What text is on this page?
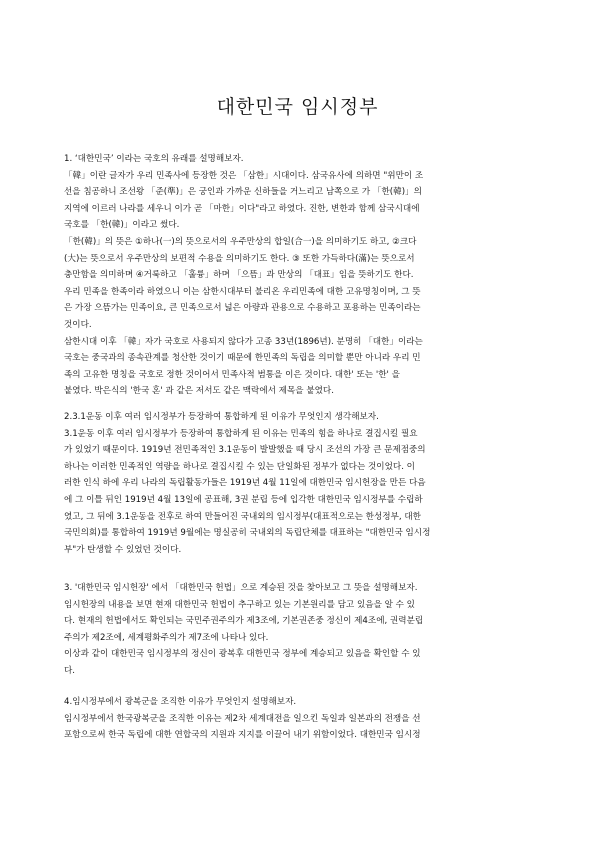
대한민국 임시정부
1. ‘대한민국’ 이라는 국호의 유래를 설명해보자.
「韓」이란 글자가 우리 민족사에 등장한 것은 「삼한」시대이다. 삼국유사에 의하면 "위만이 조
선을 침공하니 조선왕 「준(準)」은 궁인과 가까운 신하들을 거느리고 남쪽으로 가 「한(韓)」의
지역에 이르러 나라를 세우니 이가 곧 「마한」이다"라고 하였다. 진한, 변한과 함께 삼국시대에
국호를 「한(韓)」이라고 썼다.
「한(韓)」의 뜻은 ①하나(一)의 뜻으로서의 우주만상의 합일(合一)을 의미하기도 하고, ②크다
(大)는 뜻으로서 우주만상의 보편적 수용을 의미하기도 한다. ③ 또한 가득하다(滿)는 뜻으로서
충만함을 의미하며 ④거룩하고 「훌륭」하며 「으뜸」과 만상의 「대표」임을 뜻하기도 한다.
우리 민족을 한족이라 하였으니 이는 삼한시대부터 불리온 우리민족에 대한 고유명칭이며, 그 뜻
은 가장 으뜸가는 민족이요, 큰 민족으로서 넓은 아량과 관용으로 수용하고 포용하는 민족이라는
것이다.
삼한시대 이후 「韓」자가 국호로 사용되지 않다가 고종 33년(1896년). 분명히 「대한」이라는
국호는 중국과의 종속관계를 청산한 것이기 때문에 한민족의 독립을 의미할 뿐만 아니라 우리 민
족의 고유한 명칭을 국호로 정한 것이어서 민족사적 범통을 이은 것이다. 대한' 또는 '한' 을
붙였다. 박은식의 '한국 혼' 과 같은 저서도 같은 맥락에서 제목을 붙였다.
2.3.1운동 이후 여러 임시정부가 등장하여 통합하게 된 이유가 무엇인지 생각해보자.
3.1운동 이후 여러 임시정부가 등장하여 통합하게 된 이유는 민족의 힘을 하나로 결집시킬 필요
가 있었기 때문이다. 1919년 전민족적인 3.1운동이 발발했을 때 당시 조선의 가장 큰 문제점중의
하나는 이러한 민족적인 역량을 하나로 결집시킬 수 있는 단일화된 정부가 없다는 것이었다. 이
러한 인식 하에 우리 나라의 독립활동가들은 1919년 4월 11일에 대한민국 임시헌장을 만든 다음
에 그 이틀 뒤인 1919년 4월 13일에 공표해, 3권 분립 등에 입각한 대한민국 임시정부를 수립하
였고, 그 뒤에 3.1운동을 전후로 하여 만들어진 국내외의 임시정부(대표적으로는 한성정부, 대한
국민의회)를 통합하여 1919년 9월에는 명실공히 국내외의 독립단체를 대표하는 "대한민국 임시정
부"가 탄생할 수 있었던 것이다.
3. '대한민국 임시헌장' 에서 「대한민국 헌법」으로 계승된 것을 찾아보고 그 뜻을 설명해보자.
임시헌장의 내용을 보면 현재 대한민국 헌법이 추구하고 있는 기본원리를 담고 있음을 알 수 있
다. 현재의 헌법에서도 확인되는 국민주권주의가 제3조에, 기본권존중 정신이 제4조에, 권력분립
주의가 제2조에, 세계평화주의가 제7조에 나타나 있다.
이상과 같이 대한민국 임시정부의 정신이 광복후 대한민국 정부에 계승되고 있음을 확인할 수 있
다.
4.임시정부에서 광복군을 조직한 이유가 무엇인지 설명해보자.
임시정부에서 한국광복군을 조직한 이유는 제2차 세계대전을 일으킨 독일과 일본과의 전쟁을 선
포함으로써 한국 독립에 대한 연합국의 지원과 지지를 이끌어 내기 위함이었다. 대한민국 임시정
